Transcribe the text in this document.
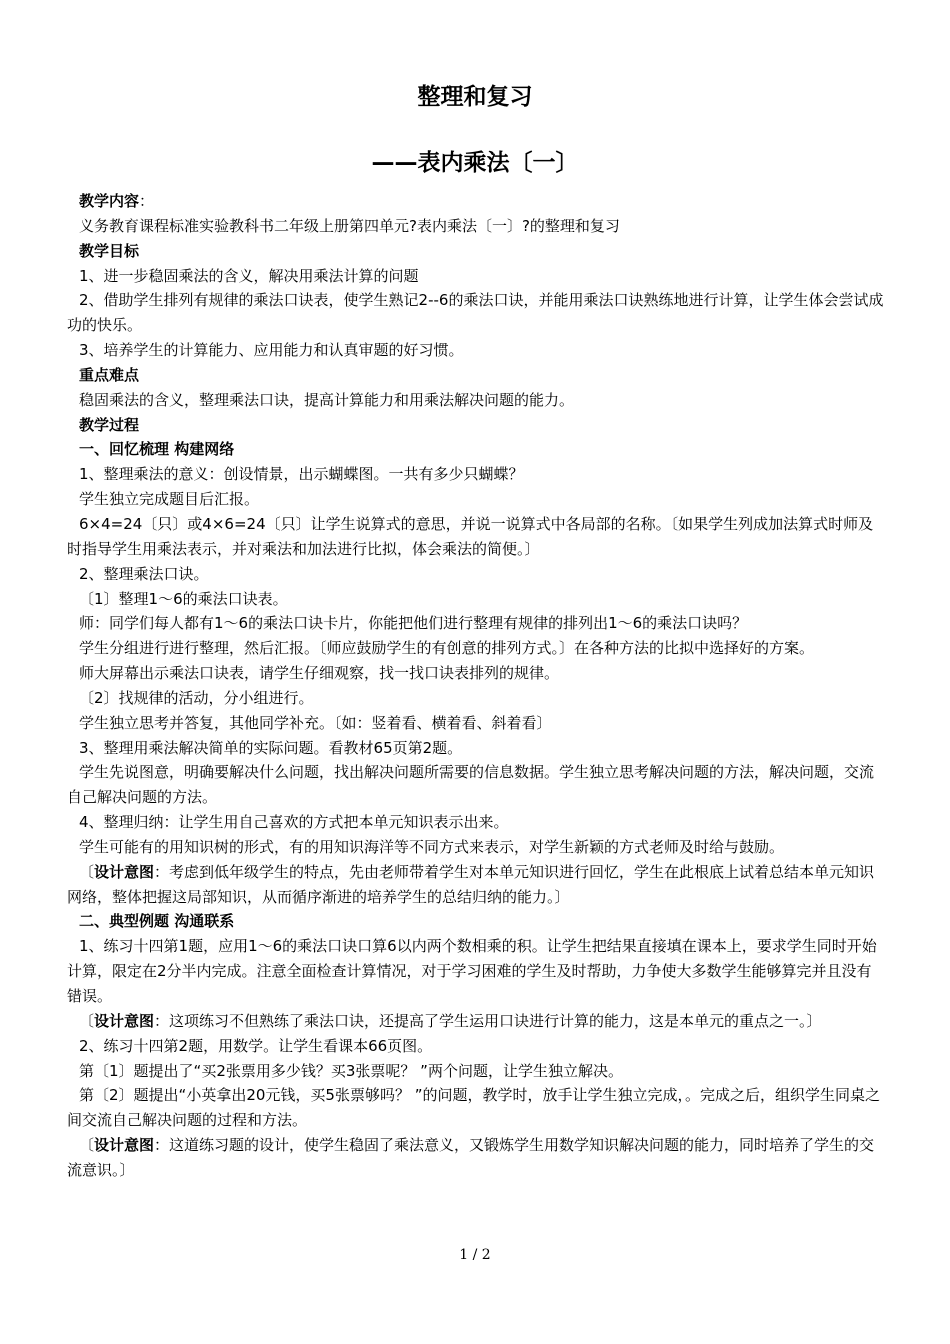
整理和复习
——表内乘法〔一〕

教学内容：

义务教育课程标准实验教科书二年级上册第四单元?表内乘法〔一〕?的整理和复习

教学目标

1、进一步稳固乘法的含义，解决用乘法计算的问题

2、借助学生排列有规律的乘法口诀表，使学生熟记2--6的乘法口诀，并能用乘法口诀熟练地进行计算，让学生体会尝试成功的快乐。

3、培养学生的计算能力、应用能力和认真审题的好习惯。

重点难点

稳固乘法的含义，整理乘法口诀，提高计算能力和用乘法解决问题的能力。

教学过程

一、回忆梳理 构建网络

1、整理乘法的意义：创设情景，出示蝴蝶图。一共有多少只蝴蝶？

学生独立完成题目后汇报。

6×4=24〔只〕或4×6=24〔只〕让学生说算式的意思，并说一说算式中各局部的名称。〔如果学生列成加法算式时师及时指导学生用乘法表示，并对乘法和加法进行比拟，体会乘法的简便。〕

2、整理乘法口诀。

〔1〕整理1～6的乘法口诀表。

师：同学们每人都有1～6的乘法口诀卡片，你能把他们进行整理有规律的排列出1～6的乘法口诀吗？

学生分组进行进行整理，然后汇报。〔师应鼓励学生的有创意的排列方式。〕在各种方法的比拟中选择好的方案。

师大屏幕出示乘法口诀表，请学生仔细观察，找一找口诀表排列的规律。

〔2〕找规律的活动，分小组进行。

学生独立思考并答复，其他同学补充。〔如：竖着看、横着看、斜着看〕

3、整理用乘法解决简单的实际问题。看教材65页第2题。

学生先说图意，明确要解决什么问题，找出解决问题所需要的信息数据。学生独立思考解决问题的方法，解决问题，交流自己解决问题的方法。

4、整理归纳：让学生用自己喜欢的方式把本单元知识表示出来。

学生可能有的用知识树的形式，有的用知识海洋等不同方式来表示，对学生新颖的方式老师及时给与鼓励。

〔设计意图：考虑到低年级学生的特点，先由老师带着学生对本单元知识进行回忆，学生在此根底上试着总结本单元知识网络，整体把握这局部知识，从而循序渐进的培养学生的总结归纳的能力。〕

二、典型例题 沟通联系

1、练习十四第1题，应用1～6的乘法口诀口算6以内两个数相乘的积。让学生把结果直接填在课本上，要求学生同时开始计算，限定在2分半内完成。注意全面检查计算情况，对于学习困难的学生及时帮助，力争使大多数学生能够算完并且没有错误。

〔设计意图：这项练习不但熟练了乘法口诀，还提高了学生运用口诀进行计算的能力，这是本单元的重点之一。〕

2、练习十四第2题，用数学。让学生看课本66页图。

第〔1〕题提出了“买2张票用多少钱？买3张票呢？ ”两个问题，让学生独立解决。

第〔2〕题提出“小英拿出20元钱，买5张票够吗？ ”的问题，教学时，放手让学生独立完成，。完成之后，组织学生同桌之间交流自己解决问题的过程和方法。

〔设计意图：这道练习题的设计，使学生稳固了乘法意义，又锻炼学生用数学知识解决问题的能力，同时培养了学生的交流意识。〕

1 / 2
